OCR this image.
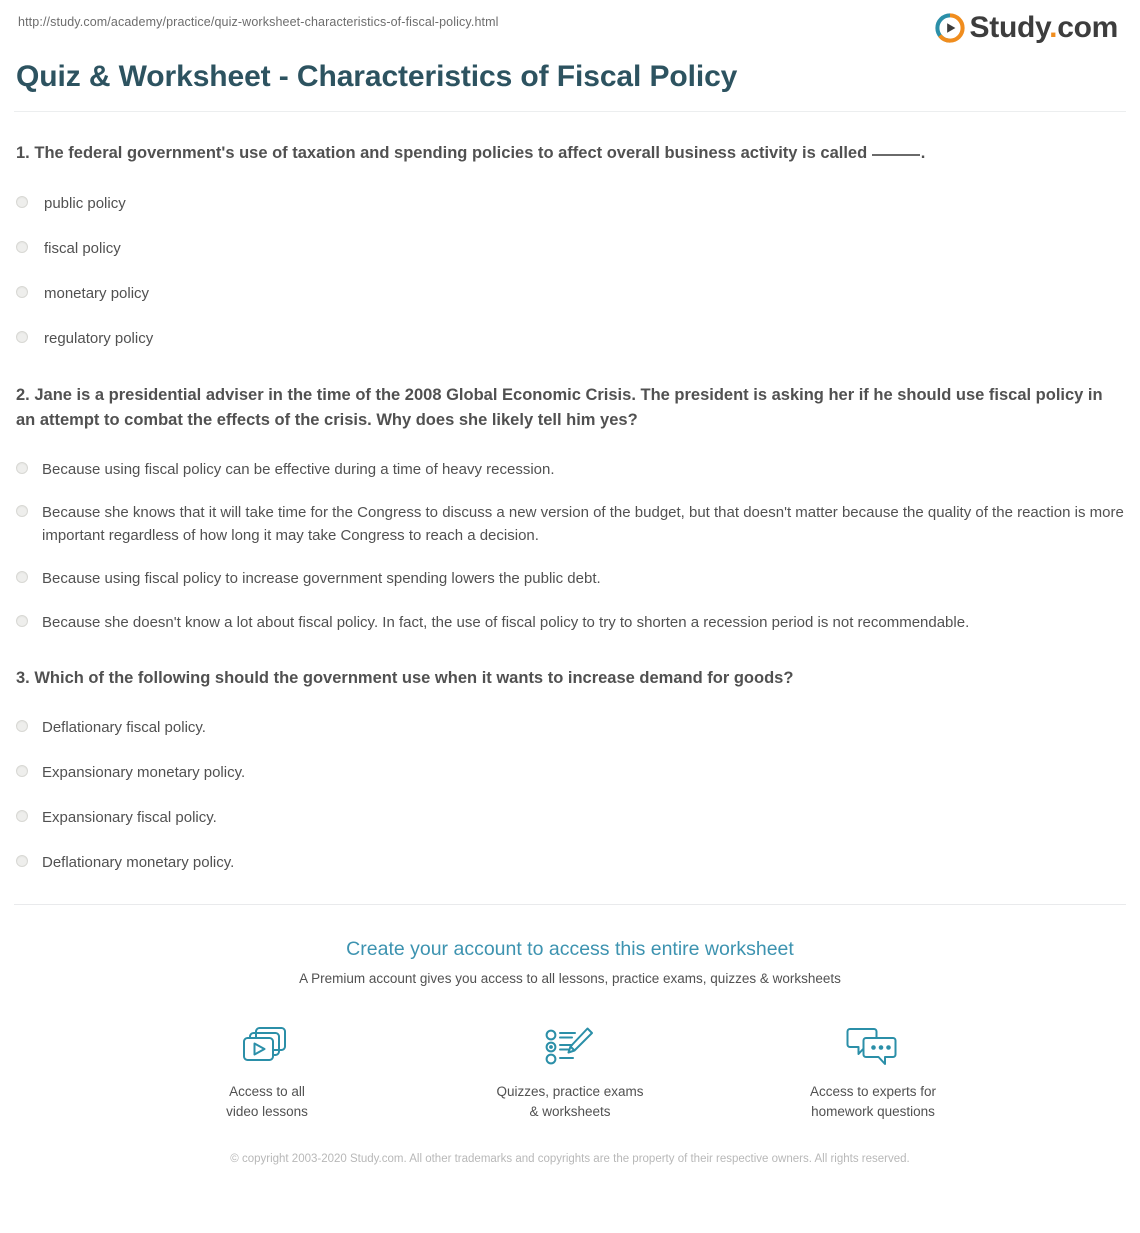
http://study.com/academy/practice/quiz-worksheet-characteristics-of-fiscal-policy.html	Study.com
Quiz & Worksheet - Characteristics of Fiscal Policy

1. The federal government's use of taxation and spending policies to affect overall business activity is called	.

public policy
fiscal policy
monetary policy
regulatory policy

2. Jane is a presidential adviser in the time of the 2008 Global Economic Crisis. The president is asking her if he should use fiscal policy in an attempt to combat the effects of the crisis. Why does she likely tell him yes?

Because using fiscal policy can be effective during a time of heavy recession.
Because she knows that it will take time for the Congress to discuss a new version of the budget, but that doesn't matter because the quality of the reaction is more important regardless of how long it may take Congress to reach a decision.
Because using fiscal policy to increase government spending lowers the public debt.
Because she doesn't know a lot about fiscal policy. In fact, the use of fiscal policy to try to shorten a recession period is not recommendable.

3. Which of the following should the government use when it wants to increase demand for goods?

Deflationary fiscal policy.
Expansionary monetary policy.
Expansionary fiscal policy.
Deflationary monetary policy.
Create your account to access this entire worksheet
A Premium account gives you access to all lessons, practice exams, quizzes & worksheets
Access to all
video lessons
Quizzes, practice exams
& worksheets
Access to experts for
homework questions
© copyright 2003-2020 Study.com. All other trademarks and copyrights are the property of their respective owners. All rights reserved.
